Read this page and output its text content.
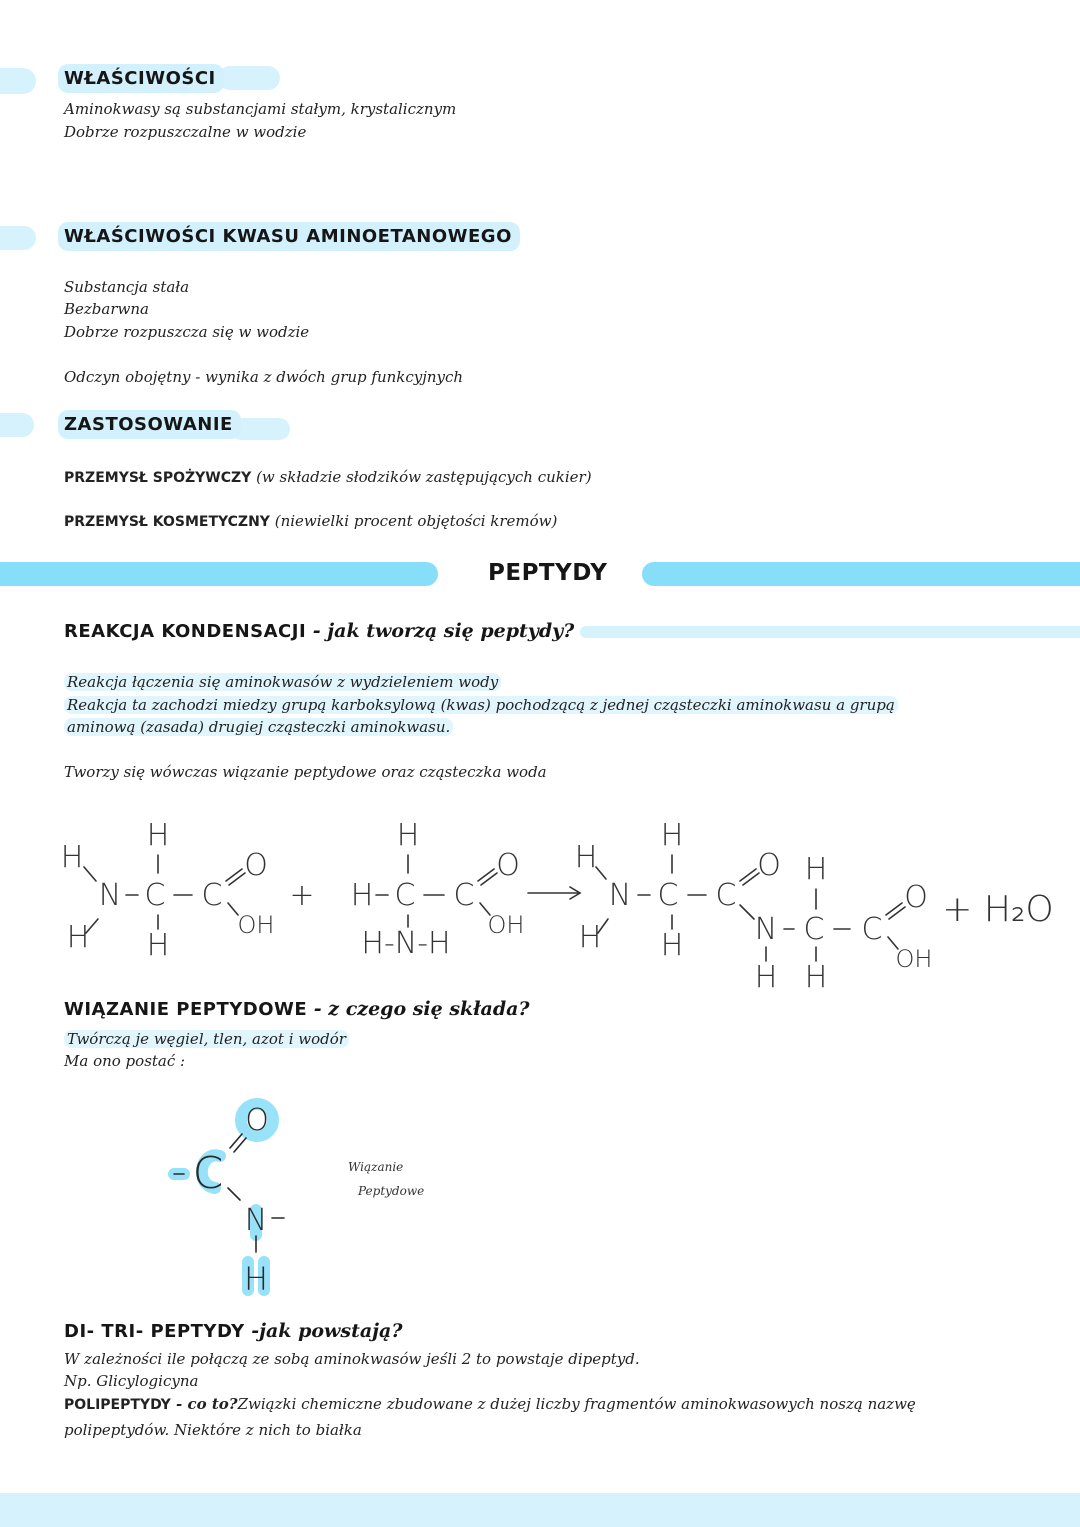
WŁAŚCIWOŚCI
Aminokwasy są substancjami stałym, krystalicznym
Dobrze rozpuszczalne w wodzie
WŁAŚCIWOŚCI KWASU AMINOETANOWEGO
Substancja stała
Bezbarwna
Dobrze rozpuszcza się w wodzie
Odczyn obojętny - wynika z dwóch grup funkcyjnych
ZASTOSOWANIE
PRZEMYSŁ SPOŻYWCZY (w składzie słodzików zastępujących cukier)
PRZEMYSŁ KOSMETYCZNY (niewielki procent objętości kremów)
PEPTYDY
REAKCJA KONDENSACJI - jak tworzą się peptydy?
Reakcja łączenia się aminokwasów z wydzieleniem wody
Reakcja ta zachodzi miedzy grupą karboksylową (kwas) pochodzącą z jednej cząsteczki aminokwasu a grupą
aminową (zasada) drugiej cząsteczki aminokwasu.
Tworzy się wówczas wiązanie peptydowe oraz cząsteczka woda
H
N
H
H
C
H
C
O
OH
+
H
H C C
O
OH
H-N-H
H
N
H
H
C
H
C
O H
N
H
C
H
C
O
OH
+ H₂O
WIĄZANIE PEPTYDOWE - z czego się składa?
Twórczą je węgiel, tlen, azot i wodór
Ma ono postać :
O
C
N
H
Wiązanie
Peptydowe
DI- TRI- PEPTYDY -jak powstają?
W zależności ile połączą ze sobą aminokwasów jeśli 2 to powstaje dipeptyd.
Np. Glicylogicyna
POLIPEPTYDY - co to?Związki chemiczne zbudowane z dużej liczby fragmentów aminokwasowych noszą nazwę
polipeptydów. Niektóre z nich to białka
